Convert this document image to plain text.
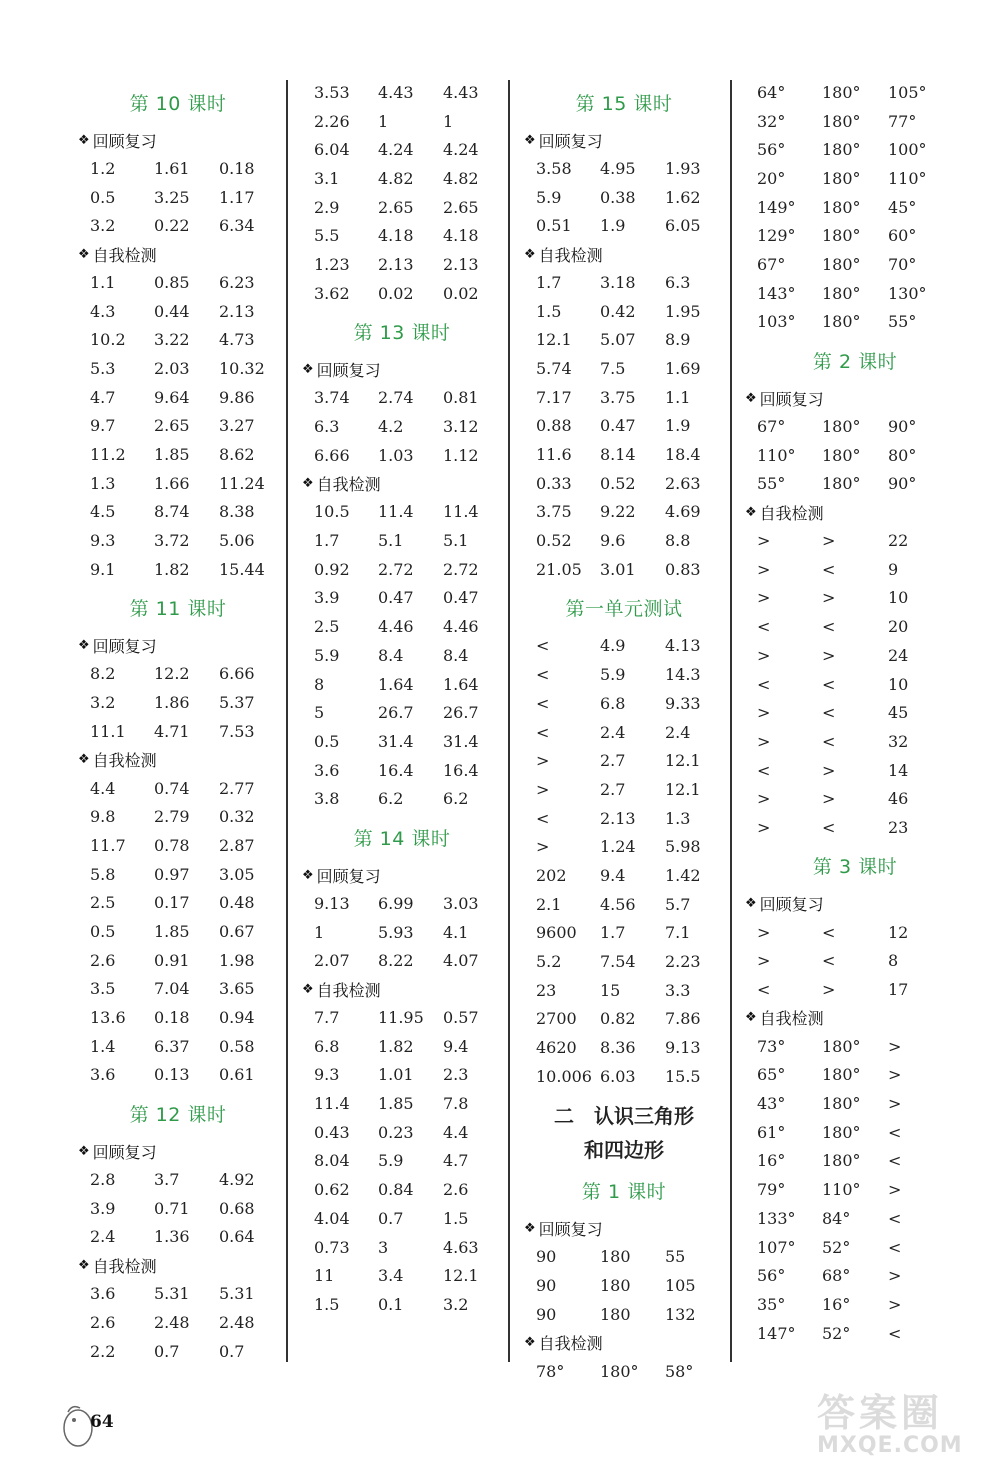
第 10 课时
❖ 回顾复习
1.2	1.61	0.18
0.5	3.25	1.17
3.2	0.22	6.34
❖ 自我检测
1.1	0.85	6.23
4.3	0.44	2.13
10.2	3.22	4.73
5.3	2.03	10.32
4.7	9.64	9.86
9.7	2.65	3.27
11.2	1.85	8.62
1.3	1.66	11.24
4.5	8.74	8.38
9.3	3.72	5.06
9.1	1.82	15.44
第 11 课时
❖ 回顾复习
8.2	12.2	6.66
3.2	1.86	5.37
11.1	4.71	7.53
❖ 自我检测
4.4	0.74	2.77
9.8	2.79	0.32
11.7	0.78	2.87
5.8	0.97	3.05
2.5	0.17	0.48
0.5	1.85	0.67
2.6	0.91	1.98
3.5	7.04	3.65
13.6	0.18	0.94
1.4	6.37	0.58
3.6	0.13	0.61
第 12 课时
❖ 回顾复习
2.8	3.7	4.92
3.9	0.71	0.68
2.4	1.36	0.64
❖ 自我检测
3.6	5.31	5.31
2.6	2.48	2.48
2.2	0.7	0.7
3.53	4.43	4.43
2.26	1	1
6.04	4.24	4.24
3.1	4.82	4.82
2.9	2.65	2.65
5.5	4.18	4.18
1.23	2.13	2.13
3.62	0.02	0.02
第 13 课时
❖ 回顾复习
3.74	2.74	0.81
6.3	4.2	3.12
6.66	1.03	1.12
❖ 自我检测
10.5	11.4	11.4
1.7	5.1	5.1
0.92	2.72	2.72
3.9	0.47	0.47
2.5	4.46	4.46
5.9	8.4	8.4
8	1.64	1.64
5	26.7	26.7
0.5	31.4	31.4
3.6	16.4	16.4
3.8	6.2	6.2
第 14 课时
❖ 回顾复习
9.13	6.99	3.03
1	5.93	4.1
2.07	8.22	4.07
❖ 自我检测
7.7	11.95	0.57
6.8	1.82	9.4
9.3	1.01	2.3
11.4	1.85	7.8
0.43	0.23	4.4
8.04	5.9	4.7
0.62	0.84	2.6
4.04	0.7	1.5
0.73	3	4.63
11	3.4	12.1
1.5	0.1	3.2
第 15 课时
❖ 回顾复习
3.58	4.95	1.93
5.9	0.38	1.62
0.51	1.9	6.05
❖ 自我检测
1.7	3.18	6.3
1.5	0.42	1.95
12.1	5.07	8.9
5.74	7.5	1.69
7.17	3.75	1.1
0.88	0.47	1.9
11.6	8.14	18.4
0.33	0.52	2.63
3.75	9.22	4.69
0.52	9.6	8.8
21.05	3.01	0.83
第一单元测试
<	4.9	4.13
<	5.9	14.3
<	6.8	9.33
<	2.4	2.4
>	2.7	12.1
>	2.7	12.1
<	2.13	1.3
>	1.24	5.98
202	9.4	1.42
2.1	4.56	5.7
9600	1.7	7.1
5.2	7.54	2.23
23	15	3.3
2700	0.82	7.86
4620	8.36	9.13
10.006 6.03	15.5
二　认识三角形
和四边形
第 1 课时
❖ 回顾复习
90	180	55
90	180	105
90	180	132
❖ 自我检测
78°	180°	58°
64°	180°	105°
32°	180°	77°
56°	180°	100°
20°	180°	110°
149°	180°	45°
129°	180°	60°
67°	180°	70°
143°	180°	130°
103°	180°	55°
第 2 课时
❖ 回顾复习
67°	180°	90°
110°	180°	80°
55°	180°	90°
❖ 自我检测
>	>	22
>	<	9
>	>	10
<	<	20
>	>	24
<	<	10
>	<	45
>	<	32
<	>	14
>	>	46
>	<	23
第 3 课时
❖ 回顾复习
>	<	12
>	<	8
<	>	17
❖ 自我检测
73°	180°	>
65°	180°	>
43°	180°	>
61°	180°	<
16°	180°	<
79°	110°	>
133°	84°	<
107°	52°	<
56°	68°	>
35°	16°	>
147°	52°	<
64	答案圈
MXQE.COM
